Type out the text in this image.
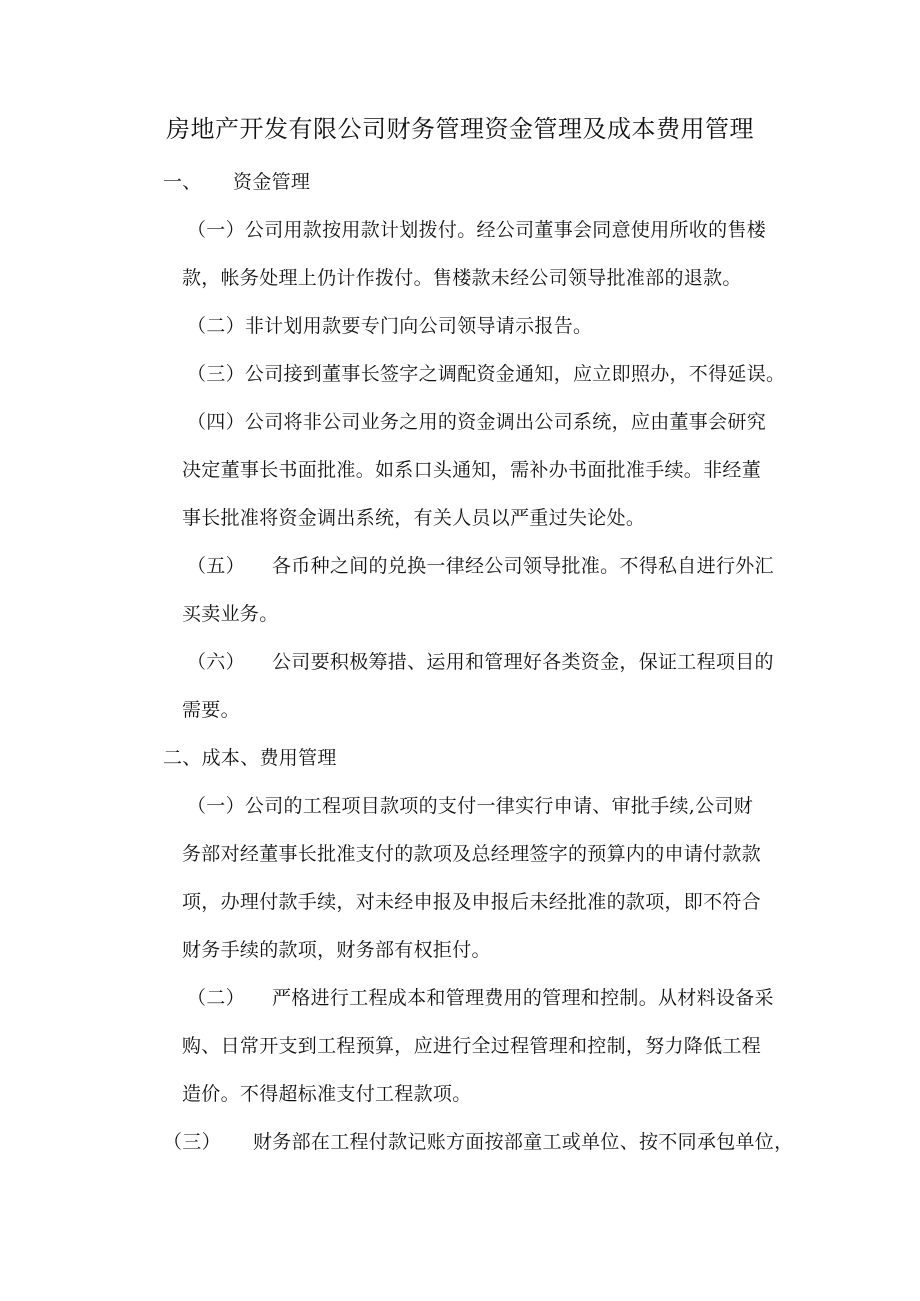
房地产开发有限公司财务管理资金管理及成本费用管理
一、 资金管理
（一）公司用款按用款计划拨付。经公司董事会同意使用所收的售楼
款，帐务处理上仍计作拨付。售楼款未经公司领导批准部的退款。
（二）非计划用款要专门向公司领导请示报告。
（三）公司接到董事长签字之调配资金通知，应立即照办，不得延误。
（四）公司将非公司业务之用的资金调出公司系统，应由董事会研究
决定董事长书面批准。如系口头通知，需补办书面批准手续。非经董
事长批准将资金调出系统，有关人员以严重过失论处。
（五） 各币种之间的兑换一律经公司领导批准。不得私自进行外汇
买卖业务。
（六） 公司要积极筹措、运用和管理好各类资金，保证工程项目的
需要。
二、成本、费用管理
（一）公司的工程项目款项的支付一律实行申请、审批手续,公司财
务部对经董事长批准支付的款项及总经理签字的预算内的申请付款款
项，办理付款手续，对未经申报及申报后未经批准的款项，即不符合
财务手续的款项，财务部有权拒付。
（二） 严格进行工程成本和管理费用的管理和控制。从材料设备采
购、日常开支到工程预算，应进行全过程管理和控制，努力降低工程
造价。不得超标准支付工程款项。
（三） 财务部在工程付款记账方面按部童工或单位、按不同承包单位，
